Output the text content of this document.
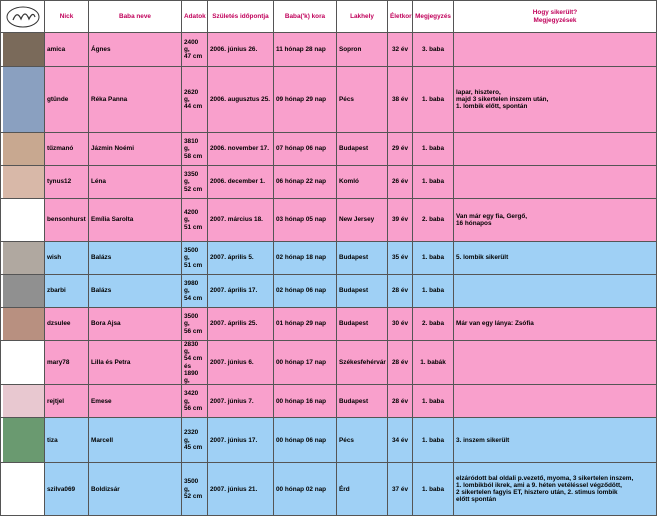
	Nick	Baba neve	Adatok	Születés időpontja	Baba('k) kora	Lakhely	Életkor	Megjegyzés	Hogy sikerült?
Megjegyzések

	amica	Ágnes	2400 g,
47 cm	2006. június 26.	11 hónap 28 nap	Sopron	32 év	3. baba	

	gtünde	Réka Panna	2620 g,
44 cm	2006. augusztus 25.	09 hónap 29 nap	Pécs	38 év	1. baba	lapar, hiszterо,
majd 3 sikertelen inszem után,
1. lombik előtt, spontán

	tűzmanó	Jázmin Noémi	3810 g,
58 cm	2006. november 17.	07 hónap 06 nap	Budapest	29 év	1. baba	

	tynus12	Léna	3350 g,
52 cm	2006. december 1.	06 hónap 22 nap	Komló	26 év	1. baba	

	bensonhurst	Emília Sarolta	4200 g,
51 cm	2007. március 18.	03 hónap 05 nap	New Jersey	39 év	2. baba	Van már egy fia, Gergő,
16 hónapos

	wish	Balázs	3500 g,
51 cm	2007. április 5.	02 hónap 18 nap	Budapest	35 év	1. baba	5. lombik sikerült

	zbarbi	Balázs	3980 g,
54 cm	2007. április 17.	02 hónap 06 nap	Budapest	28 év	1. baba	

	dzsulee	Bora Ajsa	3500 g,
56 cm	2007. április 25.	01 hónap 29 nap	Budapest	30 év	2. baba	Már van egy lánya: Zsófia

	mary78	Lilla és Petra	2830 g,
54 cm
és
1890 g,	2007. június 6.	00 hónap 17 nap	Székesfehérvár	28 év	1. babák	

	rejtjel	Emese	3420 g,
56 cm	2007. június 7.	00 hónap 16 nap	Budapest	28 év	1. baba	

	tiza	Marcell	2320 g,
45 cm	2007. június 17.	00 hónap 06 nap	Pécs	34 év	1. baba	3. inszem sikerült

	szilva069	Boldizsár	3500 g,
52 cm	2007. június 21.	00 hónap 02 nap	Érd	37 év	1. baba	elzáródott bal oldali p.vezető, myoma, 3 sikertelen inszem,
1. lombikból ikrek, ami a 9. héten vetéléssel végződött,
2 sikertelen fagyis ET, hiszterо után, 2. stimus lombik
előtt spontán
